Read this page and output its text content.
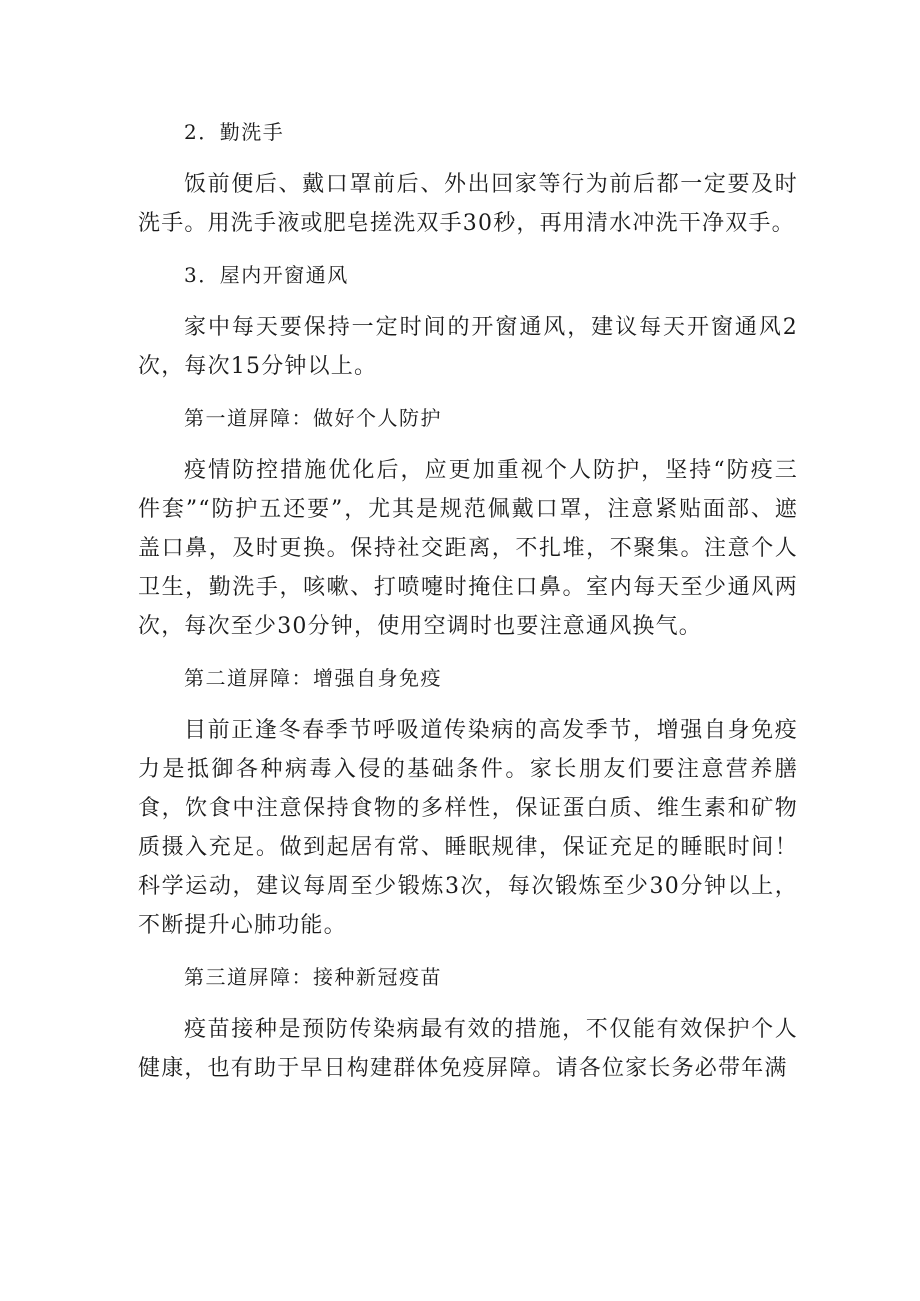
2．勤洗手

饭前便后、戴口罩前后、外出回家等行为前后都一定要及时洗手。用洗手液或肥皂搓洗双手30秒，再用清水冲洗干净双手。

3．屋内开窗通风

家中每天要保持一定时间的开窗通风，建议每天开窗通风2次，每次15分钟以上。

第一道屏障：做好个人防护

疫情防控措施优化后，应更加重视个人防护，坚持“防疫三件套”“防护五还要”，尤其是规范佩戴口罩，注意紧贴面部、遮盖口鼻，及时更换。保持社交距离，不扎堆，不聚集。注意个人卫生，勤洗手，咳嗽、打喷嚏时掩住口鼻。室内每天至少通风两次，每次至少30分钟，使用空调时也要注意通风换气。

第二道屏障：增强自身免疫

目前正逢冬春季节呼吸道传染病的高发季节，增强自身免疫力是抵御各种病毒入侵的基础条件。家长朋友们要注意营养膳食，饮食中注意保持食物的多样性，保证蛋白质、维生素和矿物质摄入充足。做到起居有常、睡眠规律，保证充足的睡眠时间！科学运动，建议每周至少锻炼3次，每次锻炼至少30分钟以上，不断提升心肺功能。

第三道屏障：接种新冠疫苗

疫苗接种是预防传染病最有效的措施，不仅能有效保护个人健康，也有助于早日构建群体免疫屏障。请各位家长务必带年满
